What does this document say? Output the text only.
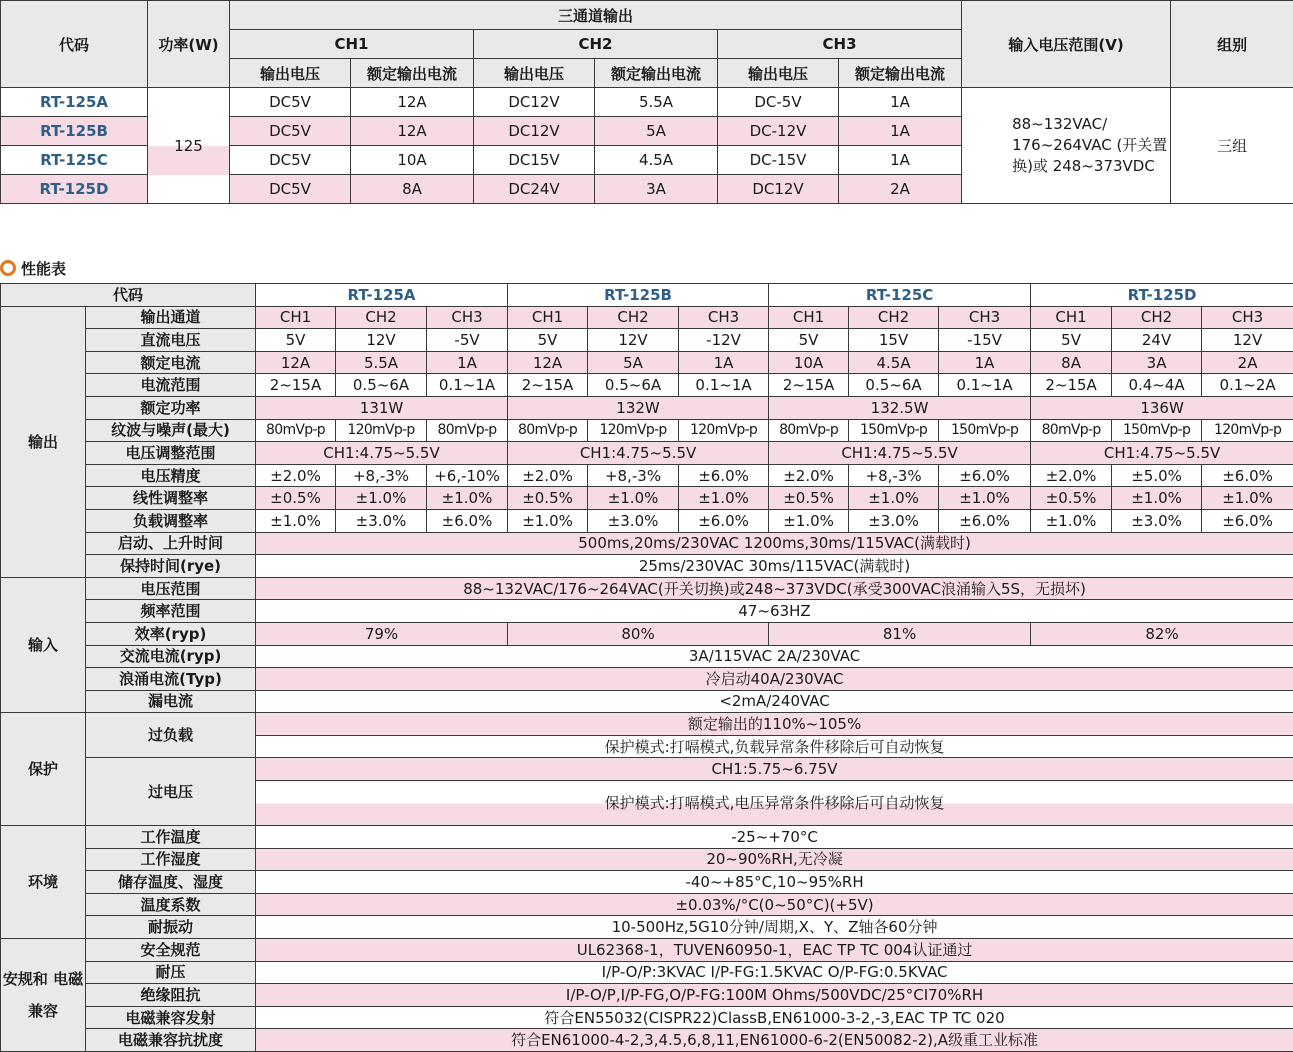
代码	功率(W)	三通道输出						输入电压范围(V)	组别
		CH1		CH2		CH3			
		输出电压	额定输出电流	输出电压	额定输出电流	输出电压	额定输出电流		
RT-125A	125	DC5V	12A	DC12V	5.5A	DC-5V	1A	88~132VAC/ 176~264VAC (开关置换)或 248~373VDC	三组
RT-125B		DC5V	12A	DC12V	5A	DC-12V	1A		
RT-125C		DC5V	10A	DC15V	4.5A	DC-15V	1A		
RT-125D		DC5V	8A	DC24V	3A	DC12V	2A		
性能表
代码		RT-125A			RT-125B			RT-125C			RT-125D		
输出	输出通道	CH1	CH2	CH3	CH1	CH2	CH3	CH1	CH2	CH3	CH1	CH2	CH3
	直流电压	5V	12V	-5V	5V	12V	-12V	5V	15V	-15V	5V	24V	12V
	额定电流	12A	5.5A	1A	12A	5A	1A	10A	4.5A	1A	8A	3A	2A
	电流范围	2~15A	0.5~6A	0.1~1A	2~15A	0.5~6A	0.1~1A	2~15A	0.5~6A	0.1~1A	2~15A	0.4~4A	0.1~2A
	额定功率	131W			132W			132.5W			136W		
	纹波与噪声(最大)	80mVp-p	120mVp-p	80mVp-p	80mVp-p	120mVp-p	120mVp-p	80mVp-p	150mVp-p	150mVp-p	80mVp-p	150mVp-p	120mVp-p
	电压调整范围	CH1:4.75~5.5V			CH1:4.75~5.5V			CH1:4.75~5.5V			CH1:4.75~5.5V		
	电压精度	±2.0%	+8,-3%	+6,-10%	±2.0%	+8,-3%	±6.0%	±2.0%	+8,-3%	±6.0%	±2.0%	±5.0%	±6.0%
	线性调整率	±0.5%	±1.0%	±1.0%	±0.5%	±1.0%	±1.0%	±0.5%	±1.0%	±1.0%	±0.5%	±1.0%	±1.0%
	负载调整率	±1.0%	±3.0%	±6.0%	±1.0%	±3.0%	±6.0%	±1.0%	±3.0%	±6.0%	±1.0%	±3.0%	±6.0%
	启动、上升时间	500ms,20ms/230VAC 1200ms,30ms/115VAC(满载时)											
	保持时间(rye)	25ms/230VAC 30ms/115VAC(满载时)											
输入	电压范围	88~132VAC/176~264VAC(开关切换)或248~373VDC(承受300VAC浪涌输入5S，无损坏)											
	频率范围	47~63HZ											
	效率(ryp)	79%			80%			81%			82%		
	交流电流(ryp)	3A/115VAC 2A/230VAC											
	浪涌电流(Typ)	冷启动40A/230VAC											
	漏电流	<2mA/240VAC											
保护	过负载	额定输出的110%~105%											
		保护模式:打嗝模式,负载异常条件移除后可自动恢复											
	过电压	CH1:5.75~6.75V											
		保护模式:打嗝模式,电压异常条件移除后可自动恢复											

环境	工作温度	-25~+70°C											
	工作湿度	20~90%RH,无冷凝											
	储存温度、湿度	-40~+85°C,10~95%RH											
	温度系数	±0.03%/°C(0~50°C)(+5V)											
	耐振动	10-500Hz,5G10分钟/周期,X、Y、Z轴各60分钟											
安规和 电磁兼容	安全规范	UL62368-1，TUVEN60950-1，EAC TP TC 004认证通过											
	耐压	I/P-O/P:3KVAC I/P-FG:1.5KVAC O/P-FG:0.5KVAC											
	绝缘阻抗	I/P-O/P,I/P-FG,O/P-FG:100M Ohms/500VDC/25°CI70%RH											
	电磁兼容发射	符合EN55032(CISPR22)ClassB,EN61000-3-2,-3,EAC TP TC 020											
	电磁兼容抗扰度	符合EN61000-4-2,3,4.5,6,8,11,EN61000-6-2(EN50082-2),A级重工业标准											
